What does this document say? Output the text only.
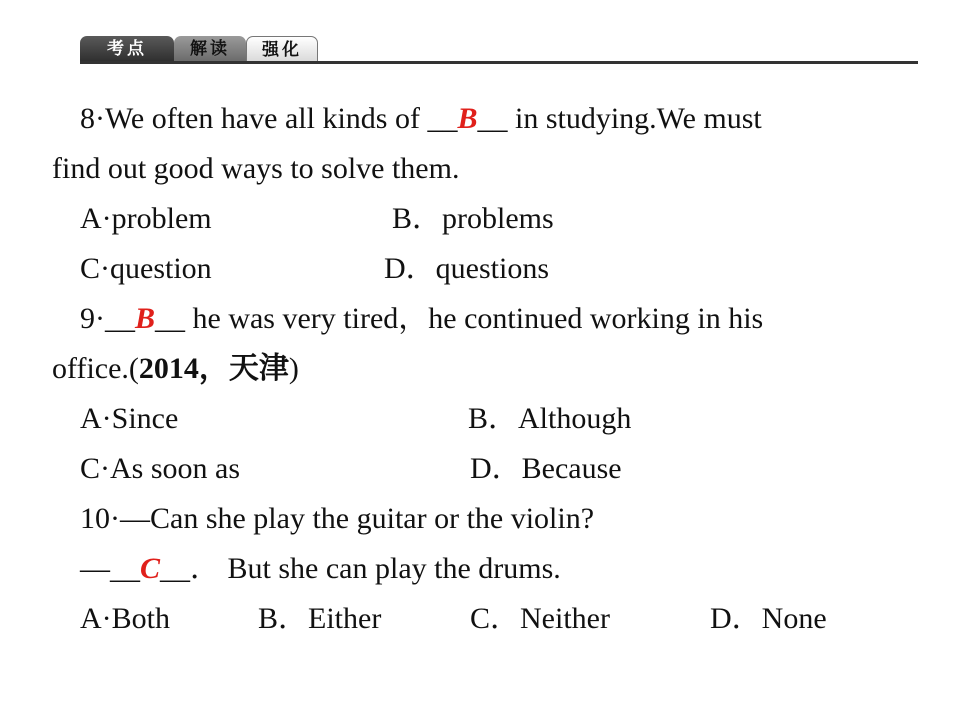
考点	解读	强化
8·We often have all kinds of __B__ in studying.We must
find out good ways to solve them.
A·problem	B．problems
C·question	D．questions
9·__B__ he was very tired，he continued working in his
office.(2014，天津)
A·Since	B．Although
C·As soon as	D．Because
10·—Can she play the guitar or the violin?
—__C__． But she can play the drums.
A·Both	B．Either	C．Neither	D．None
